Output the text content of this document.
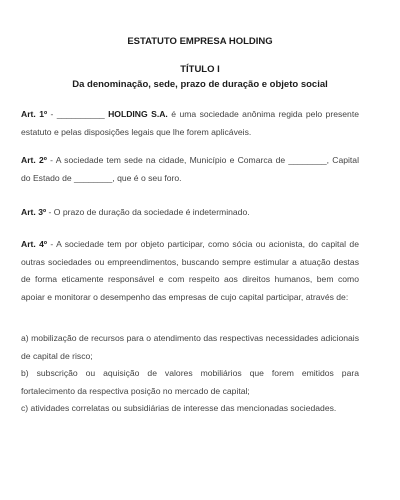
ESTATUTO EMPRESA HOLDING
TÍTULO I
Da denominação, sede, prazo de duração e objeto social
Art. 1º - __________ HOLDING S.A. é uma sociedade anônima regida pelo presente estatuto e pelas disposições legais que lhe forem aplicáveis.
Art. 2º - A sociedade tem sede na cidade, Município e Comarca de ________, Capital do Estado de ________, que é o seu foro.
Art. 3º - O prazo de duração da sociedade é indeterminado.
Art. 4º - A sociedade tem por objeto participar, como sócia ou acionista, do capital de outras sociedades ou empreendimentos, buscando sempre estimular a atuação destas de forma eticamente responsável e com respeito aos direitos humanos, bem como apoiar e monitorar o desempenho das empresas de cujo capital participar, através de:
a) mobilização de recursos para o atendimento das respectivas necessidades adicionais de capital de risco;
b) subscrição ou aquisição de valores mobiliários que forem emitidos para fortalecimento da respectiva posição no mercado de capital;
c) atividades correlatas ou subsidiárias de interesse das mencionadas sociedades.
